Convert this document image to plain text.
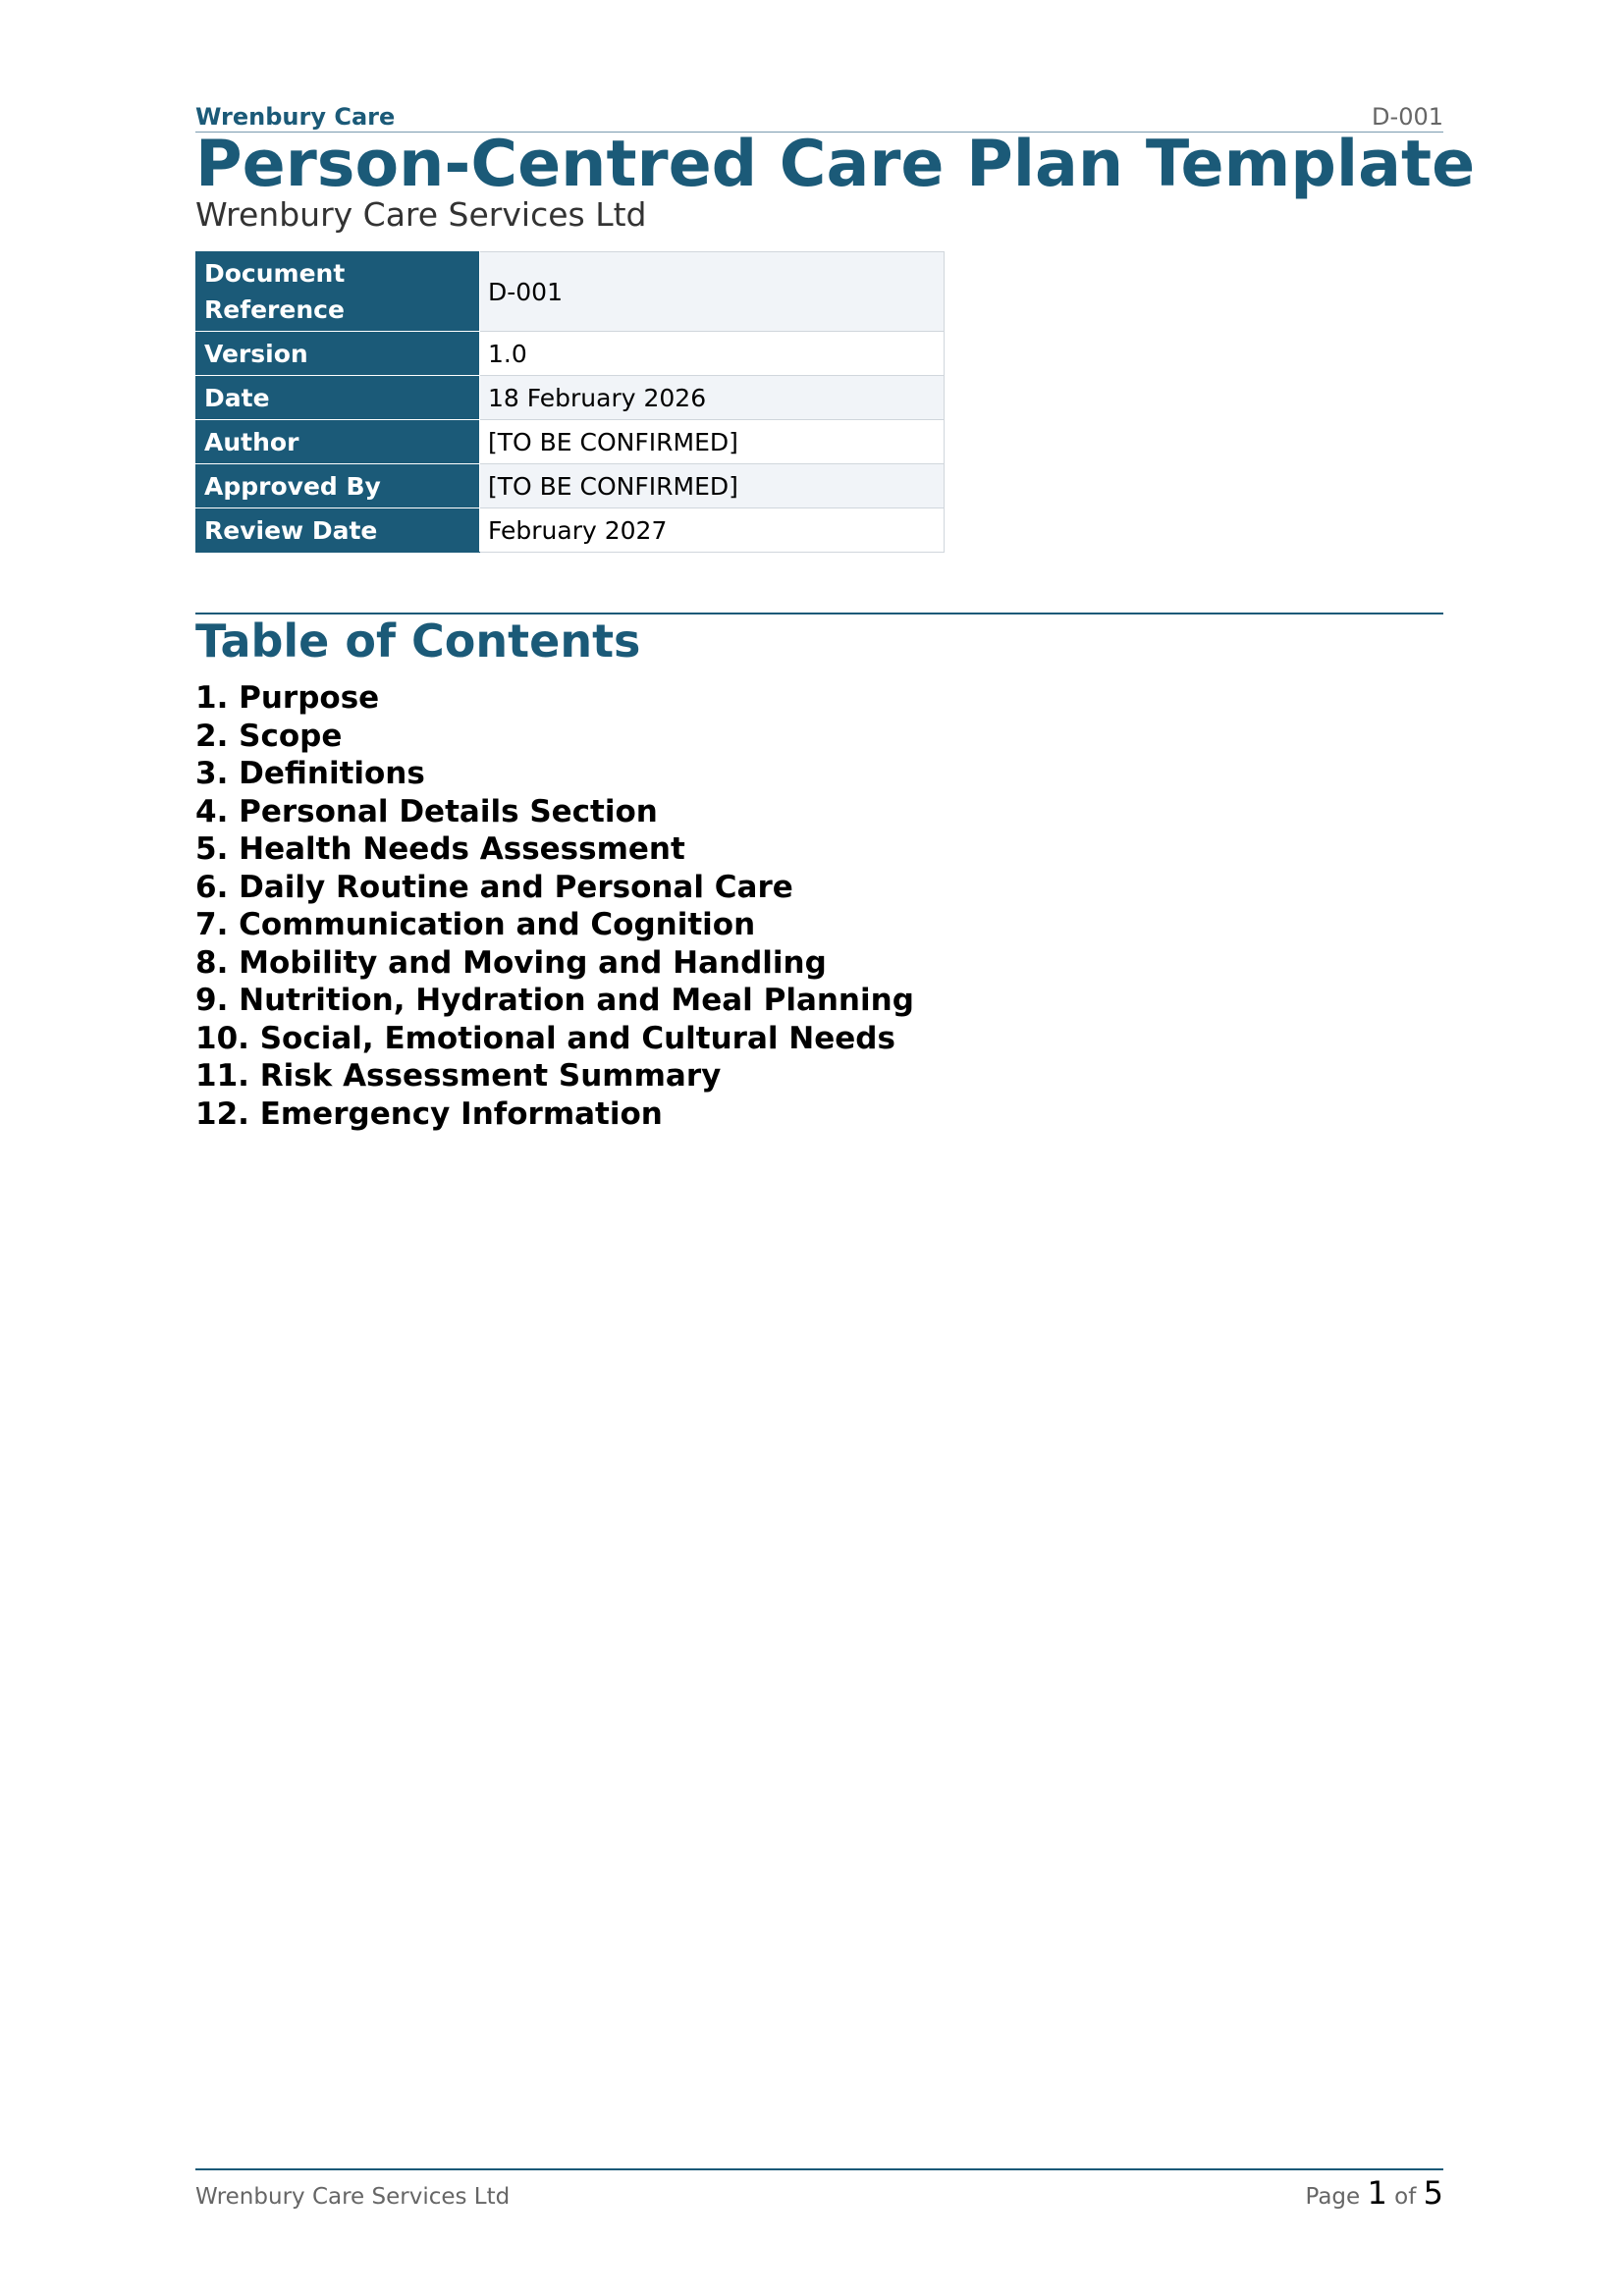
Wrenbury Care	D-001
Person-Centred Care Plan Template
Wrenbury Care Services Ltd
Document Reference	D-001
Version	1.0
Date	18 February 2026
Author	[TO BE CONFIRMED]
Approved By	[TO BE CONFIRMED]
Review Date	February 2027
Table of Contents
1. Purpose
2. Scope
3. Definitions
4. Personal Details Section
5. Health Needs Assessment
6. Daily Routine and Personal Care
7. Communication and Cognition
8. Mobility and Moving and Handling
9. Nutrition, Hydration and Meal Planning
10. Social, Emotional and Cultural Needs
11. Risk Assessment Summary
12. Emergency Information
Wrenbury Care Services Ltd	Page 1 of 5
